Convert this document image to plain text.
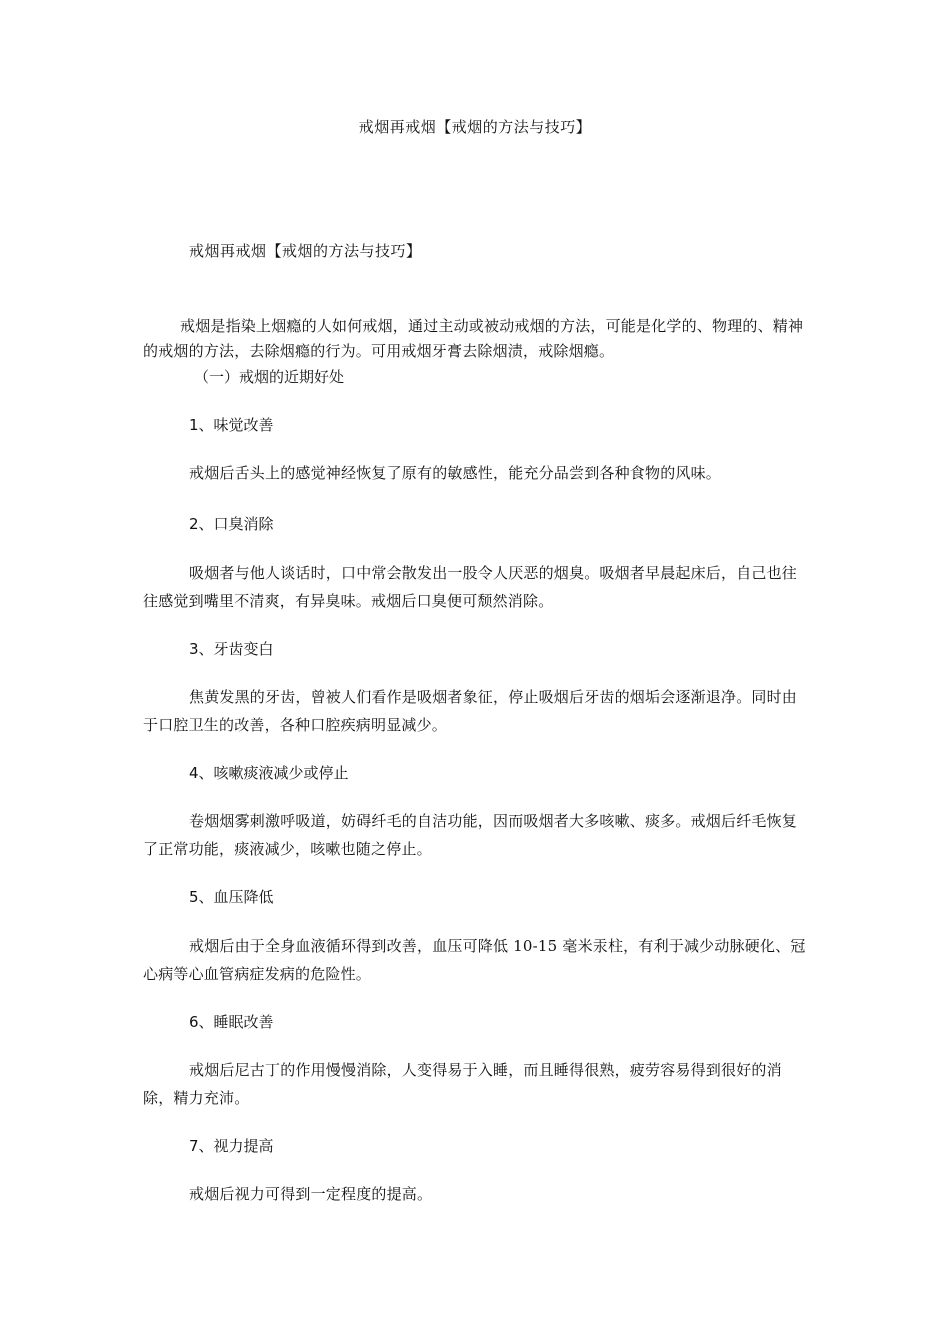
戒烟再戒烟【戒烟的方法与技巧】
戒烟再戒烟【戒烟的方法与技巧】
戒烟是指染上烟瘾的人如何戒烟，通过主动或被动戒烟的方法，可能是化学的、物理的、精神的戒烟的方法，去除烟瘾的行为。可用戒烟牙膏去除烟渍，戒除烟瘾。
（一）戒烟的近期好处
1、味觉改善
戒烟后舌头上的感觉神经恢复了原有的敏感性，能充分品尝到各种食物的风味。
2、口臭消除
吸烟者与他人谈话时，口中常会散发出一股令人厌恶的烟臭。吸烟者早晨起床后，自己也往往感觉到嘴里不清爽，有异臭味。戒烟后口臭便可颓然消除。
3、牙齿变白
焦黄发黑的牙齿，曾被人们看作是吸烟者象征，停止吸烟后牙齿的烟垢会逐渐退净。同时由于口腔卫生的改善，各种口腔疾病明显减少。
4、咳嗽痰液减少或停止
卷烟烟雾刺激呼吸道，妨碍纤毛的自洁功能，因而吸烟者大多咳嗽、痰多。戒烟后纤毛恢复了正常功能，痰液减少，咳嗽也随之停止。
5、血压降低
戒烟后由于全身血液循环得到改善，血压可降低 10-15 毫米汞柱，有利于减少动脉硬化、冠心病等心血管病症发病的危险性。
6、睡眠改善
戒烟后尼古丁的作用慢慢消除，人变得易于入睡，而且睡得很熟，疲劳容易得到很好的消除，精力充沛。
7、视力提高
戒烟后视力可得到一定程度的提高。
